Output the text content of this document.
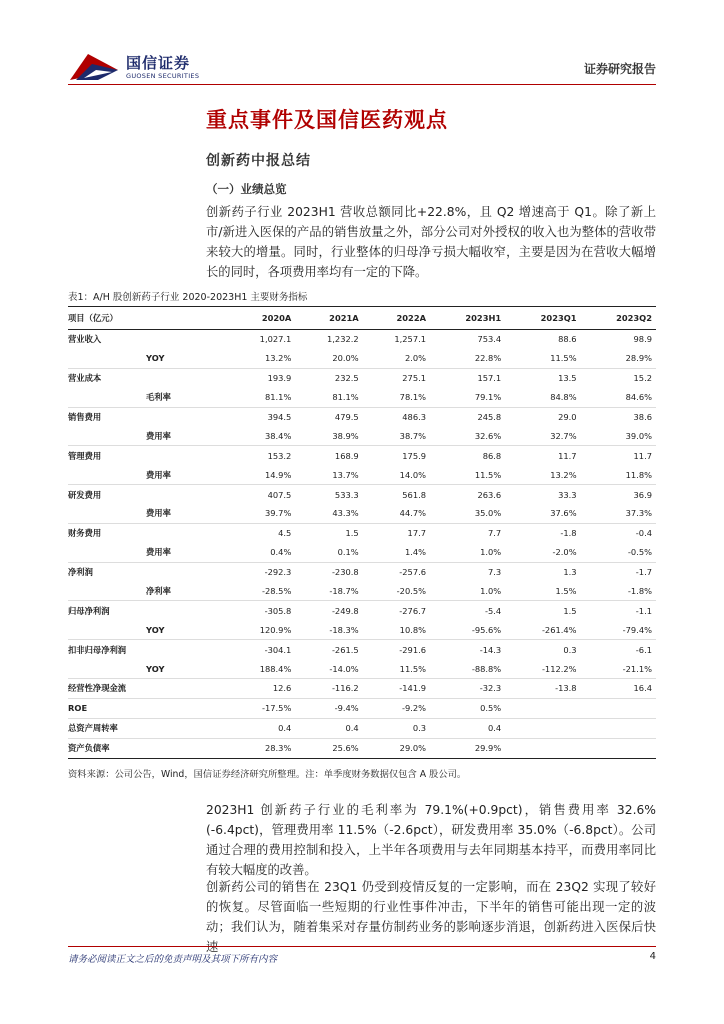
国信证券
GUOSEN SECURITIES	证券研究报告
重点事件及国信医药观点
创新药中报总结
（一）业绩总览

创新药子行业 2023H1 营收总额同比+22.8%，且 Q2 增速高于 Q1。除了新上市/新进入医保的产品的销售放量之外，部分公司对外授权的收入也为整体的营收带来较大的增量。同时，行业整体的归母净亏损大幅收窄，主要是因为在营收大幅增长的同时，各项费用率均有一定的下降。

表1：A/H 股创新药子行业 2020-2023H1 主要财务指标
项目（亿元）	2020A	2021A	2022A	2023H1	2023Q1	2023Q2
营业收入	1,027.1	1,232.2	1,257.1	753.4	88.6	98.9
YOY	13.2%	20.0%	2.0%	22.8%	11.5%	28.9%
营业成本	193.9	232.5	275.1	157.1	13.5	15.2
毛利率	81.1%	81.1%	78.1%	79.1%	84.8%	84.6%
销售费用	394.5	479.5	486.3	245.8	29.0	38.6
费用率	38.4%	38.9%	38.7%	32.6%	32.7%	39.0%
管理费用	153.2	168.9	175.9	86.8	11.7	11.7
费用率	14.9%	13.7%	14.0%	11.5%	13.2%	11.8%
研发费用	407.5	533.3	561.8	263.6	33.3	36.9
费用率	39.7%	43.3%	44.7%	35.0%	37.6%	37.3%
财务费用	4.5	1.5	17.7	7.7	-1.8	-0.4
费用率	0.4%	0.1%	1.4%	1.0%	-2.0%	-0.5%
净利润	-292.3	-230.8	-257.6	7.3	1.3	-1.7
净利率	-28.5%	-18.7%	-20.5%	1.0%	1.5%	-1.8%
归母净利润	-305.8	-249.8	-276.7	-5.4	1.5	-1.1
YOY	120.9%	-18.3%	10.8%	-95.6%	-261.4%	-79.4%
扣非归母净利润	-304.1	-261.5	-291.6	-14.3	0.3	-6.1
YOY	188.4%	-14.0%	11.5%	-88.8%	-112.2%	-21.1%
经营性净现金流	12.6	-116.2	-141.9	-32.3	-13.8	16.4
ROE	-17.5%	-9.4%	-9.2%	0.5%		
总资产周转率	0.4	0.4	0.3	0.4		
资产负债率	28.3%	25.6%	29.0%	29.9%		
资料来源：公司公告，Wind，国信证券经济研究所整理。注：单季度财务数据仅包含 A 股公司。

2023H1 创新药子行业的毛利率为 79.1%(+0.9pct)，销售费用率 32.6%(-6.4pct)，管理费用率 11.5%（-2.6pct），研发费用率 35.0%（-6.8pct）。公司通过合理的费用控制和投入，上半年各项费用与去年同期基本持平，而费用率同比有较大幅度的改善。

创新药公司的销售在 23Q1 仍受到疫情反复的一定影响，而在 23Q2 实现了较好的恢复。尽管面临一些短期的行业性事件冲击，下半年的销售可能出现一定的波动；我们认为，随着集采对存量仿制药业务的影响逐步消退，创新药进入医保后快速

请务必阅读正文之后的免责声明及其项下所有内容	4
